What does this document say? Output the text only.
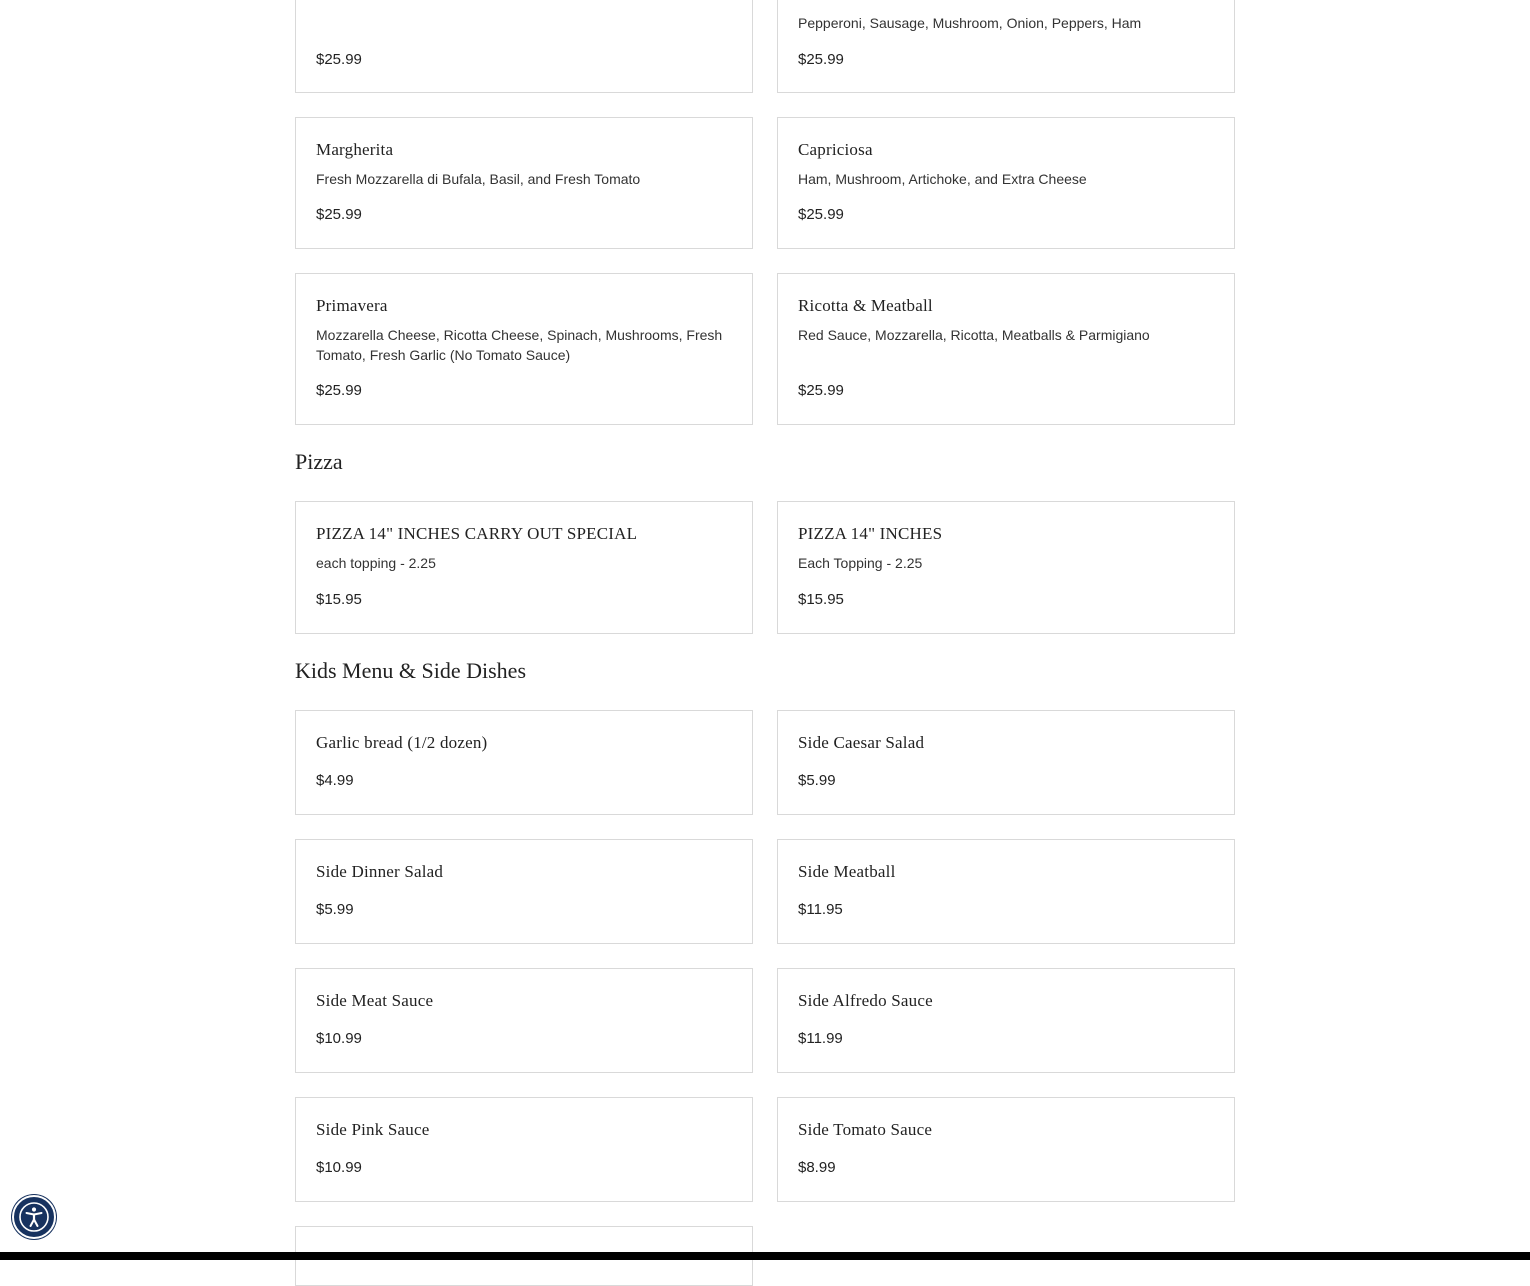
$25.99
Pepperoni, Sausage, Mushroom, Onion, Peppers, Ham
$25.99
Margherita
Fresh Mozzarella di Bufala, Basil, and Fresh Tomato
$25.99
Capriciosa
Ham, Mushroom, Artichoke, and Extra Cheese
$25.99
Primavera
Mozzarella Cheese, Ricotta Cheese, Spinach, Mushrooms, Fresh Tomato, Fresh Garlic (No Tomato Sauce)
$25.99
Ricotta & Meatball
Red Sauce, Mozzarella, Ricotta, Meatballs & Parmigiano
$25.99
Pizza
PIZZA 14" INCHES CARRY OUT SPECIAL
each topping - 2.25
$15.95
PIZZA 14" INCHES
Each Topping - 2.25
$15.95
Kids Menu & Side Dishes
Garlic bread (1/2 dozen)
$4.99
Side Caesar Salad
$5.99
Side Dinner Salad
$5.99
Side Meatball
$11.95
Side Meat Sauce
$10.99
Side Alfredo Sauce
$11.99
Side Pink Sauce
$10.99
Side Tomato Sauce
$8.99
